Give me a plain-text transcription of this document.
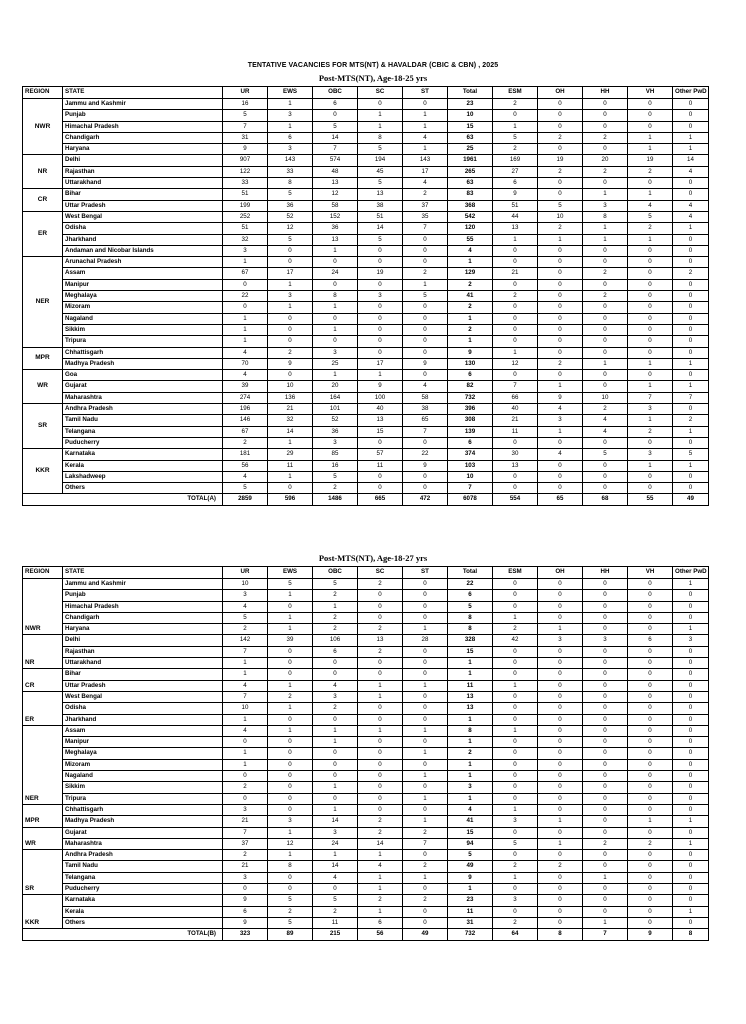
TENTATIVE VACANCIES FOR MTS(NT) & HAVALDAR (CBIC & CBN) , 2025
Post-MTS(NT), Age-18-25 yrs
REGION	STATE	UR	EWS	OBC	SC	ST	Total	ESM	OH	HH	VH	Other PwD
NWR	Jammu and Kashmir	16	1	6	0	0	23	2	0	0	0	0
	Punjab	5	3	0	1	1	10	0	0	0	0	0
	Himachal Pradesh	7	1	5	1	1	15	1	0	0	0	0
	Chandigarh	31	6	14	8	4	63	5	2	2	1	1
	Haryana	9	3	7	5	1	25	2	0	0	1	1
NR	Delhi	907	143	574	194	143	1961	169	19	20	19	14
	Rajasthan	122	33	48	45	17	265	27	2	2	2	4
	Uttarakhand	33	8	13	5	4	63	6	0	0	0	0
CR	Bihar	51	5	12	13	2	83	9	0	1	1	0
	Uttar Pradesh	199	36	58	38	37	368	51	5	3	4	4
ER	West Bengal	252	52	152	51	35	542	44	10	8	5	4
	Odisha	51	12	36	14	7	120	13	2	1	2	1
	Jharkhand	32	5	13	5	0	55	1	1	1	1	0
	Andaman and Nicobar Islands	3	0	1	0	0	4	0	0	0	0	0
NER	Arunachal Pradesh	1	0	0	0	0	1	0	0	0	0	0
	Assam	67	17	24	19	2	129	21	0	2	0	2
	Manipur	0	1	0	0	1	2	0	0	0	0	0
	Meghalaya	22	3	8	3	5	41	2	0	2	0	0
	Mizoram	0	1	1	0	0	2	0	0	0	0	0
	Nagaland	1	0	0	0	0	1	0	0	0	0	0
	Sikkim	1	0	1	0	0	2	0	0	0	0	0
	Tripura	1	0	0	0	0	1	0	0	0	0	0
MPR	Chhattisgarh	4	2	3	0	0	9	1	0	0	0	0
	Madhya Pradesh	70	9	25	17	9	130	12	2	1	1	1
WR	Goa	4	0	1	1	0	6	0	0	0	0	0
	Gujarat	39	10	20	9	4	82	7	1	0	1	1
	Maharashtra	274	136	164	100	58	732	66	9	10	7	7
SR	Andhra Pradesh	196	21	101	40	38	396	40	4	2	3	0
	Tamil Nadu	146	32	52	13	65	308	21	3	4	1	2
	Telangana	67	14	36	15	7	139	11	1	4	2	1
	Puducherry	2	1	3	0	0	6	0	0	0	0	0
KKR	Karnataka	181	29	85	57	22	374	30	4	5	3	5
	Kerala	56	11	16	11	9	103	13	0	0	1	1
	Lakshadweep	4	1	5	0	0	10	0	0	0	0	0
	Others	5	0	2	0	0	7	0	0	0	0	0
TOTAL(A)		2859	596	1486	665	472	6078	554	65	68	55	49
Post-MTS(NT), Age-18-27 yrs
REGION	STATE	UR	EWS	OBC	SC	ST	Total	ESM	OH	HH	VH	Other PwD
NWR	Jammu and Kashmir	10	5	5	2	0	22	0	0	0	0	1
	Punjab	3	1	2	0	0	6	0	0	0	0	0
	Himachal Pradesh	4	0	1	0	0	5	0	0	0	0	0
	Chandigarh	5	1	2	0	0	8	1	0	0	0	0
	Haryana	2	1	2	2	1	8	2	1	0	0	1
NR	Delhi	142	39	106	13	28	328	42	3	3	6	3
	Rajasthan	7	0	6	2	0	15	0	0	0	0	0
	Uttarakhand	1	0	0	0	0	1	0	0	0	0	0
CR	Bihar	1	0	0	0	0	1	0	0	0	0	0
	Uttar Pradesh	4	1	4	1	1	11	1	0	0	0	0
ER	West Bengal	7	2	3	1	0	13	0	0	0	0	0
	Odisha	10	1	2	0	0	13	0	0	0	0	0
	Jharkhand	1	0	0	0	0	1	0	0	0	0	0
NER	Assam	4	1	1	1	1	8	1	0	0	0	0
	Manipur	0	0	1	0	0	1	0	0	0	0	0
	Meghalaya	1	0	0	0	1	2	0	0	0	0	0
	Mizoram	1	0	0	0	0	1	0	0	0	0	0
	Nagaland	0	0	0	0	1	1	0	0	0	0	0
	Sikkim	2	0	1	0	0	3	0	0	0	0	0
	Tripura	0	0	0	0	1	1	0	0	0	0	0
MPR	Chhattisgarh	3	0	1	0	0	4	1	0	0	0	0
	Madhya Pradesh	21	3	14	2	1	41	3	1	0	1	1
WR	Gujarat	7	1	3	2	2	15	0	0	0	0	0
	Maharashtra	37	12	24	14	7	94	5	1	2	2	1
SR	Andhra Pradesh	2	1	1	1	0	5	0	0	0	0	0
	Tamil Nadu	21	8	14	4	2	49	2	2	0	0	0
	Telangana	3	0	4	1	1	9	1	0	1	0	0
	Puducherry	0	0	0	1	0	1	0	0	0	0	0
KKR	Karnataka	9	5	5	2	2	23	3	0	0	0	0
	Kerala	6	2	2	1	0	11	0	0	0	0	1
	Others	9	5	11	6	0	31	2	0	1	0	0
TOTAL(B)		323	89	215	56	49	732	64	8	7	9	8
